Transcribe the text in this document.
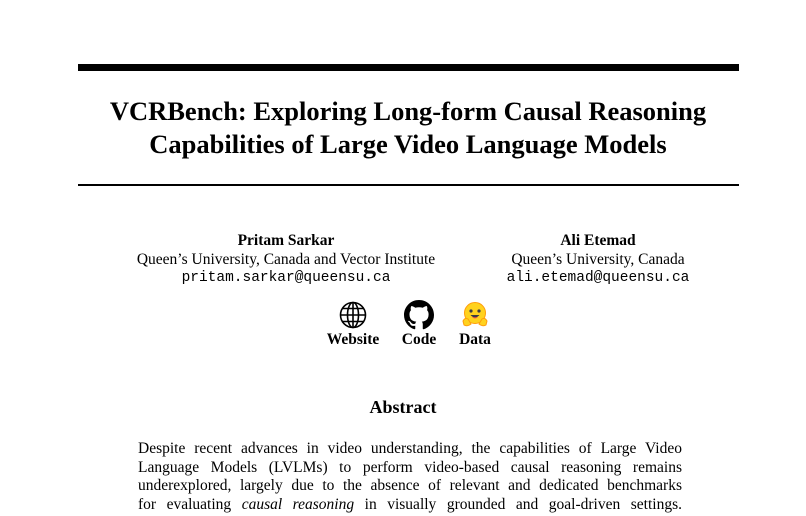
VCRBench: Exploring Long-form Causal Reasoning
Capabilities of Large Video Language Models
Pritam Sarkar
Queen’s University, Canada and Vector Institute
pritam.sarkar@queensu.ca
Ali Etemad
Queen’s University, Canada
ali.etemad@queensu.ca
Website	Code	Data
Abstract
Despite recent advances in video understanding, the capabilities of Large Video
Language Models (LVLMs) to perform video-based causal reasoning remains
underexplored, largely due to the absence of relevant and dedicated benchmarks
for evaluating causal reasoning in visually grounded and goal-driven settings.
